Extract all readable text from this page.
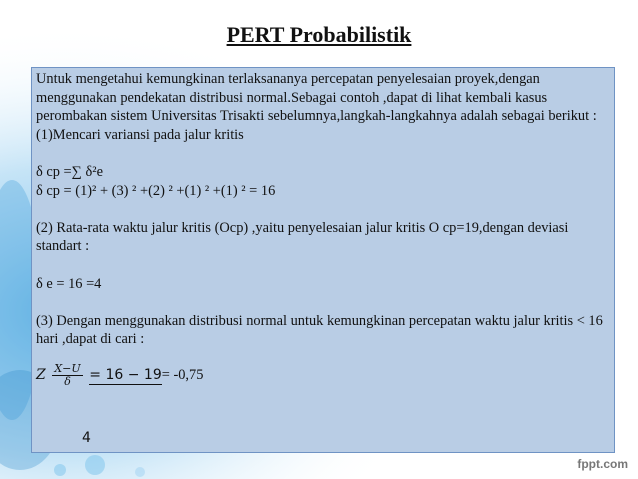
PERT Probabilistik

Untuk mengetahui kemungkinan terlaksananya percepatan penyelesaian proyek,dengan menggunakan pendekatan distribusi normal.Sebagai contoh ,dapat di lihat kembali kasus perombakan sistem Universitas Trisakti sebelumnya,langkah-langkahnya adalah sebagai berikut :

(1)Mencari variansi pada jalur kritis

δ cp =∑ δ²e

δ cp = (1)² + (3) ² +(2) ² +(1) ² +(1) ² = 16

(2) Rata-rata waktu jalur kritis (Ocp) ,yaitu penyelesaian jalur kritis O cp=19,dengan deviasi standart :

δ e = 16 =4

(3) Dengan menggunakan distribusi normal untuk kemungkinan percepatan waktu jalur kritis < 16 hari ,dapat di cari :

Z $\frac{X-U}{\delta} = 16 - 19= -0,75$
4
fppt.com
